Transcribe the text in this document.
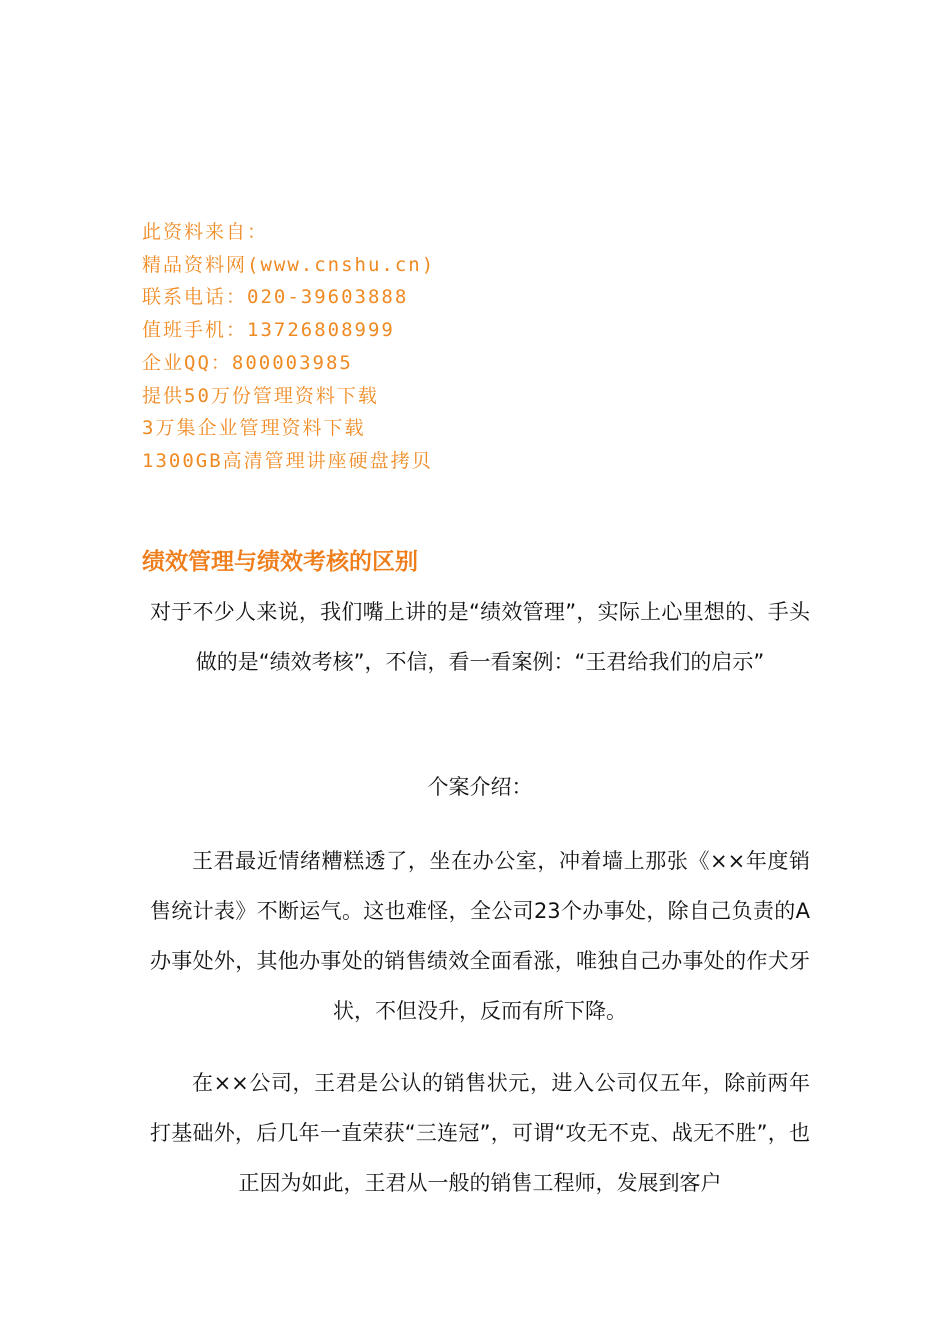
此资料来自：
精品资料网(www.cnshu.cn)
联系电话：020-39603888
值班手机：13726808999
企业QQ：800003985
提供50万份管理资料下载
3万集企业管理资料下载
1300GB高清管理讲座硬盘拷贝
绩效管理与绩效考核的区别

对于不少人来说，我们嘴上讲的是“绩效管理”，实际上心里想的、手头做的是“绩效考核”，不信，看一看案例：“王君给我们的启示”

个案介绍：

王君最近情绪糟糕透了，坐在办公室，冲着墙上那张《××年度销售统计表》不断运气。这也难怪，全公司23个办事处，除自己负责的A办事处外，其他办事处的销售绩效全面看涨，唯独自己办事处的作犬牙状，不但没升，反而有所下降。

在××公司，王君是公认的销售状元，进入公司仅五年，除前两年打基础外，后几年一直荣获“三连冠”，可谓“攻无不克、战无不胜”，也正因为如此，王君从一般的销售工程师，发展到客户
